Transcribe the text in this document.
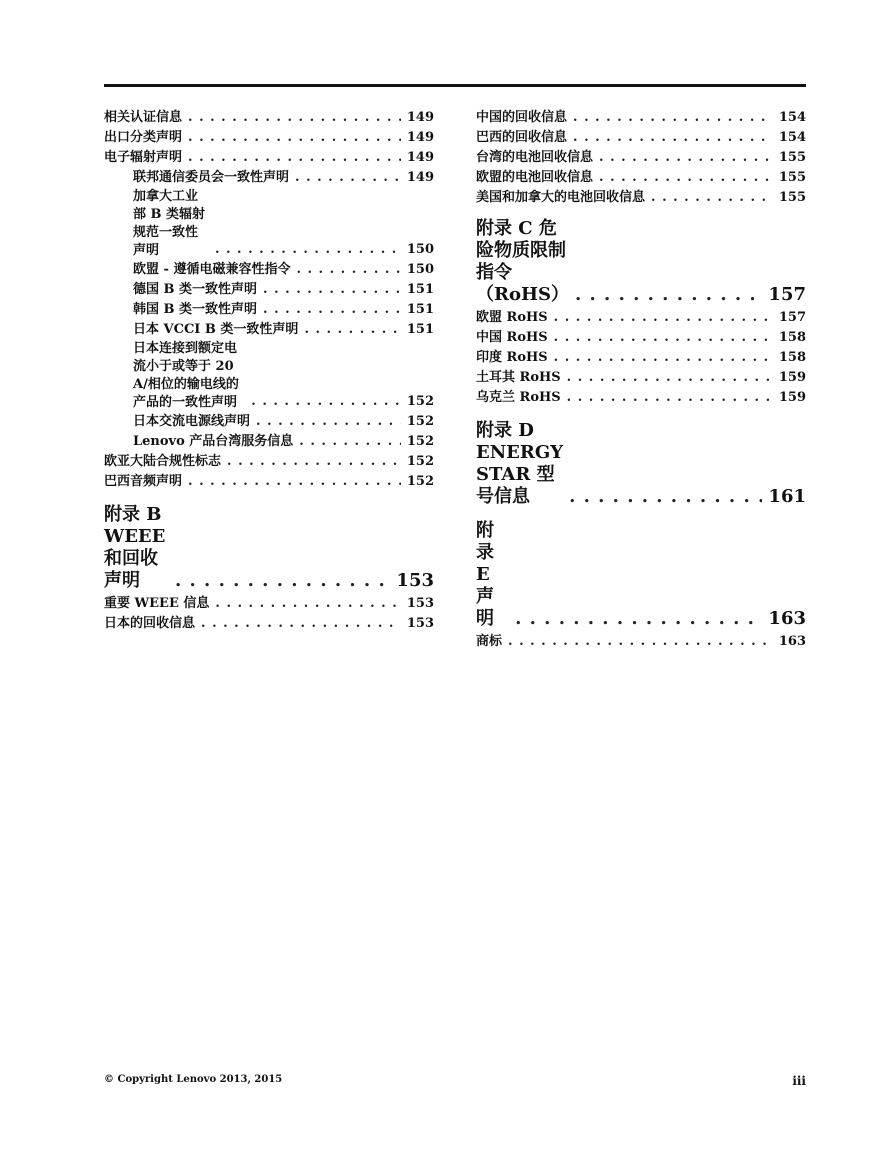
相关认证信息 . . .	149
出口分类声明 . . .	149
电子辐射声明 . . .	149
联邦通信委员会一致性声明 . . .	149
加拿大工业部 B 类辐射规范一致性声明 . . .	150
欧盟 - 遵循电磁兼容性指令 . . .	150
德国 B 类一致性声明 . . .	151
韩国 B 类一致性声明 . . .	151
日本 VCCI B 类一致性声明 . . .	151
日本连接到额定电流小于或等于 20 A/相位的输电线的产品的一致性声明 . . .	152
日本交流电源线声明 . . .	152
Lenovo 产品台湾服务信息 . . .	152
欧亚大陆合规性标志 . . .	152
巴西音频声明 . . .	152
附录 B WEEE 和回收声明 . . .	153
重要 WEEE 信息 . . .	153
日本的回收信息 . . .	153
中国的回收信息 . . .	154
巴西的回收信息 . . .	154
台湾的电池回收信息 . . .	155
欧盟的电池回收信息 . . .	155
美国和加拿大的电池回收信息 . . .	155
附录 C 危险物质限制指令（RoHS） . . .	157
欧盟 RoHS . . .	157
中国 RoHS . . .	158
印度 RoHS . . .	158
土耳其 RoHS . . .	159
乌克兰 RoHS . . .	159
附录 D ENERGY STAR 型号信息 . . .	161
附录 E 声明 . . .	163
商标 . . .	163
© Copyright Lenovo 2013, 2015	iii
